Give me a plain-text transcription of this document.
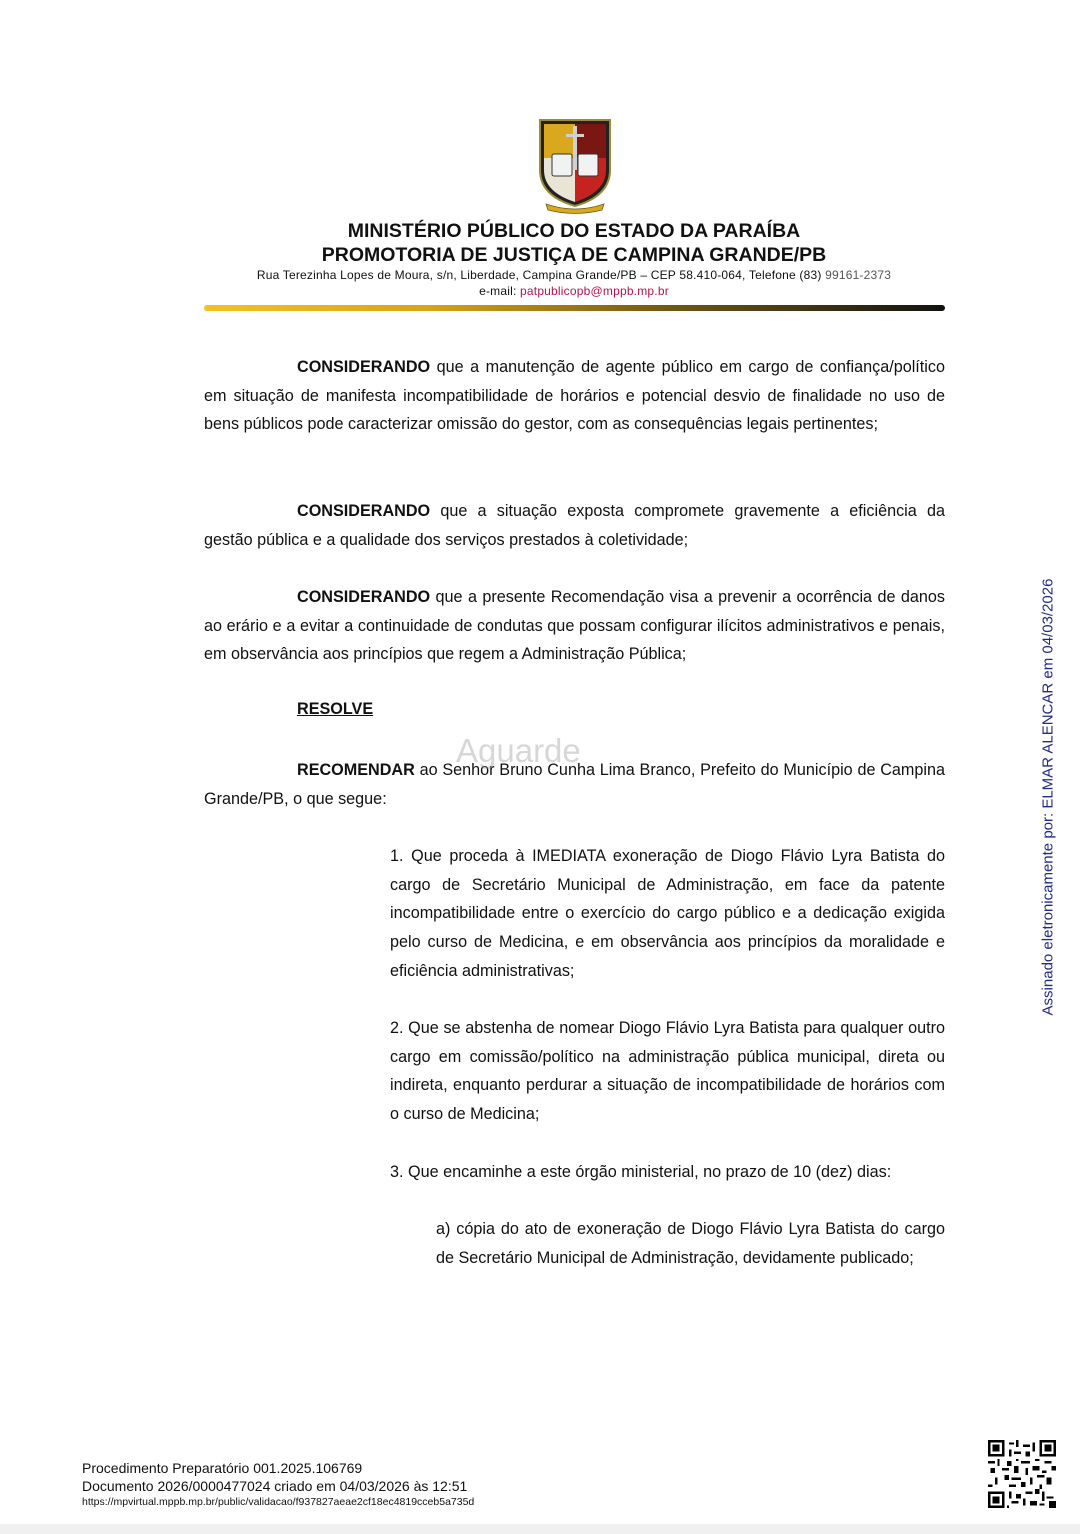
MINISTÉRIO PÚBLICO DO ESTADO DA PARAÍBA
PROMOTORIA DE JUSTIÇA DE CAMPINA GRANDE/PB
Rua Terezinha Lopes de Moura, s/n, Liberdade, Campina Grande/PB – CEP 58.410-064, Telefone (83) 99161-2373
e-mail: patpublicopb@mppb.mp.br

CONSIDERANDO que a manutenção de agente público em cargo de confiança/político em situação de manifesta incompatibilidade de horários e potencial desvio de finalidade no uso de bens públicos pode caracterizar omissão do gestor, com as consequências legais pertinentes;

CONSIDERANDO que a situação exposta compromete gravemente a eficiência da gestão pública e a qualidade dos serviços prestados à coletividade;

CONSIDERANDO que a presente Recomendação visa a prevenir a ocorrência de danos ao erário e a evitar a continuidade de condutas que possam configurar ilícitos administrativos e penais, em observância aos princípios que regem a Administração Pública;

RESOLVE

RECOMENDAR ao Senhor Bruno Cunha Lima Branco, Prefeito do Município de Campina Grande/PB, o que segue:

Aguarde

1. Que proceda à IMEDIATA exoneração de Diogo Flávio Lyra Batista do cargo de Secretário Municipal de Administração, em face da patente incompatibilidade entre o exercício do cargo público e a dedicação exigida pelo curso de Medicina, e em observância aos princípios da moralidade e eficiência administrativas;

2. Que se abstenha de nomear Diogo Flávio Lyra Batista para qualquer outro cargo em comissão/político na administração pública municipal, direta ou indireta, enquanto perdurar a situação de incompatibilidade de horários com o curso de Medicina;

3. Que encaminhe a este órgão ministerial, no prazo de 10 (dez) dias:

a) cópia do ato de exoneração de Diogo Flávio Lyra Batista do cargo de Secretário Municipal de Administração, devidamente publicado;

Assinado eletronicamente por: ELMAR ALENCAR em 04/03/2026
Procedimento Preparatório 001.2025.106769
Documento 2026/0000477024 criado em 04/03/2026 às 12:51
https://mpvirtual.mppb.mp.br/public/validacao/f937827aeae2cf18ec4819cceb5a735d
